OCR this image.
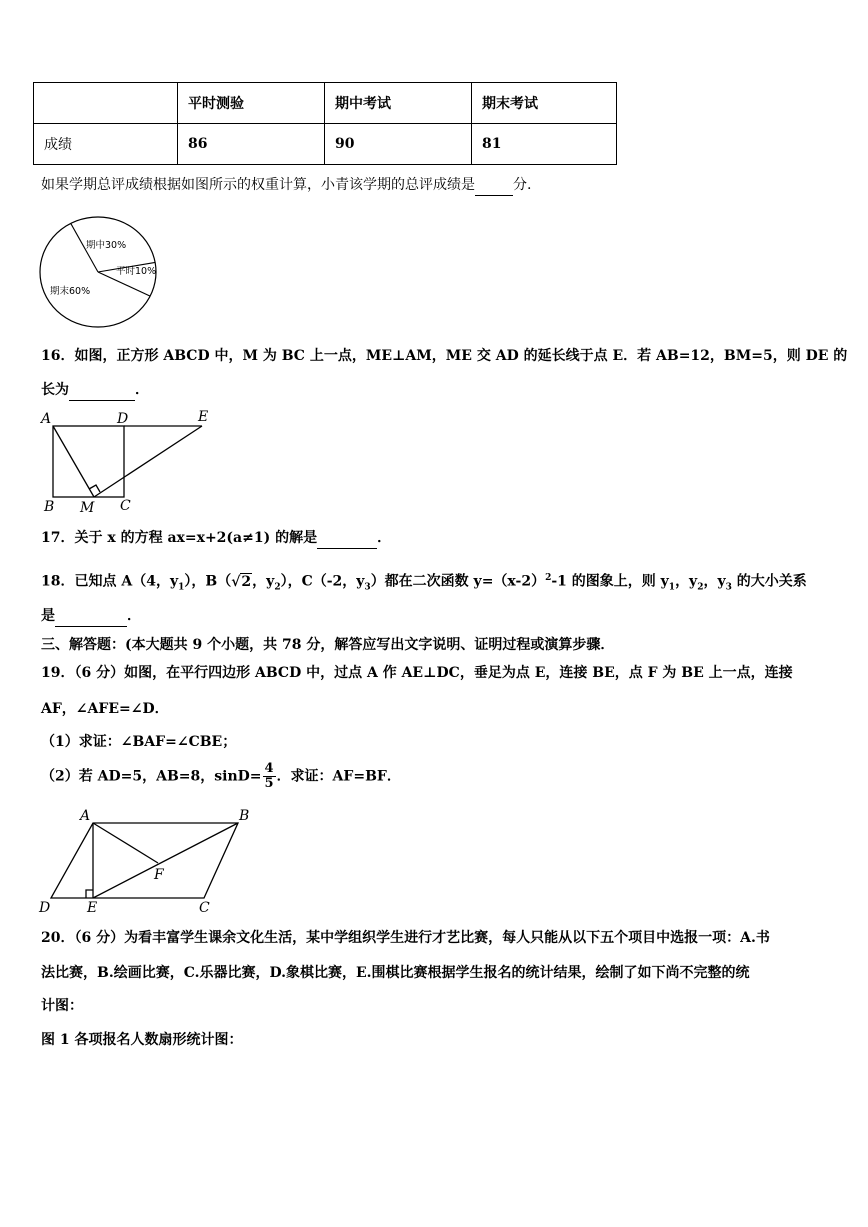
	平时测验	期中考试	期末考试
成绩	86	90	81
如果学期总评成绩根据如图所示的权重计算，小青该学期的总评成绩是	分.
期中30%
平时10%
期末60%
16．如图，正方形 ABCD 中，M 为 BC 上一点，ME⊥AM，ME 交 AD 的延长线于点 E．若 AB=12，BM=5，则 DE 的
长为	．
A	D	E
B M C
17．关于 x 的方程 ax=x+2(a≠1) 的解是	．
18．已知点 A（4，$y_1$），B（√2，$y_2$），C（-2，$y_3$）都在二次函数 $y=(x-2)^2-1$ 的图象上，则 $y_1$，$y_2$，$y_3$ 的大小关系
是	．
三、解答题：(本大题共 9 个小题，共 78 分，解答应写出文字说明、证明过程或演算步骤．
19．（6 分）如图，在平行四边形 ABCD 中，过点 A 作 AE⊥DC，垂足为点 E，连接 BE，点 F 为 BE 上一点，连接
AF，∠AFE=∠D．
（1）求证：∠BAF=∠CBE；
（2）若 AD=5，AB=8，$\sin D= \frac{4}{5}$ ．求证：AF=BF．
A	B
F
D	E	C
20．（6 分）为看丰富学生课余文化生活，某中学组织学生进行才艺比赛，每人只能从以下五个项目中选报一项：A.书
法比赛，B.绘画比赛，C.乐器比赛，D.象棋比赛，E.围棋比赛根据学生报名的统计结果，绘制了如下尚不完整的统
计图：
图 1 各项报名人数扇形统计图：
